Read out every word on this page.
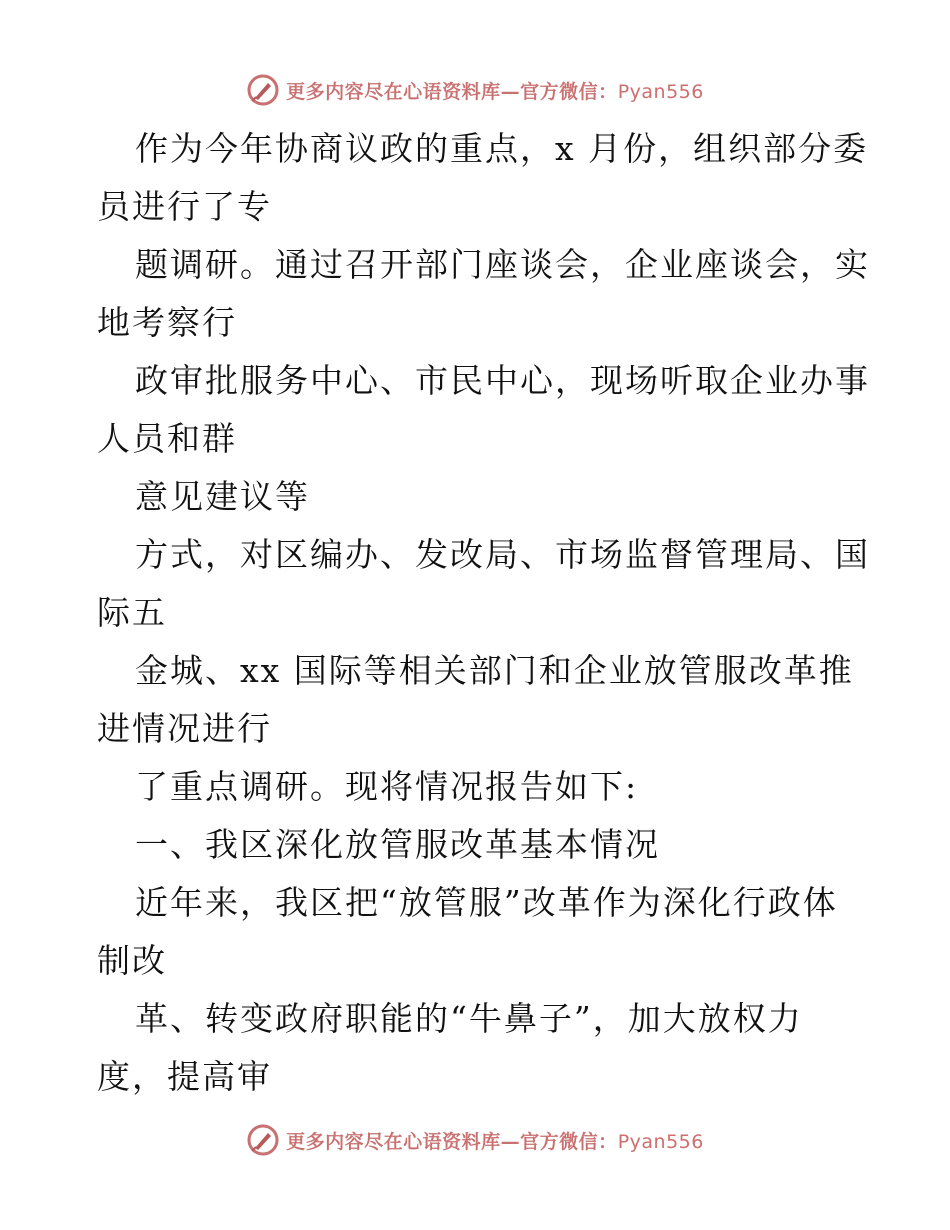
更多内容尽在心语资料库—官方微信：Pyan556
作为今年协商议政的重点，x 月份，组织部分委
员进行了专
题调研。通过召开部门座谈会，企业座谈会，实
地考察行
政审批服务中心、市民中心，现场听取企业办事
人员和群
意见建议等
方式，对区编办、发改局、市场监督管理局、国
际五
金城、xx 国际等相关部门和企业放管服改革推
进情况进行
了重点调研。现将情况报告如下:
一、我区深化放管服改革基本情况
近年来，我区把“放管服”改革作为深化行政体
制改
革、转变政府职能的“牛鼻子”，加大放权力
度，提高审
更多内容尽在心语资料库—官方微信：Pyan556
